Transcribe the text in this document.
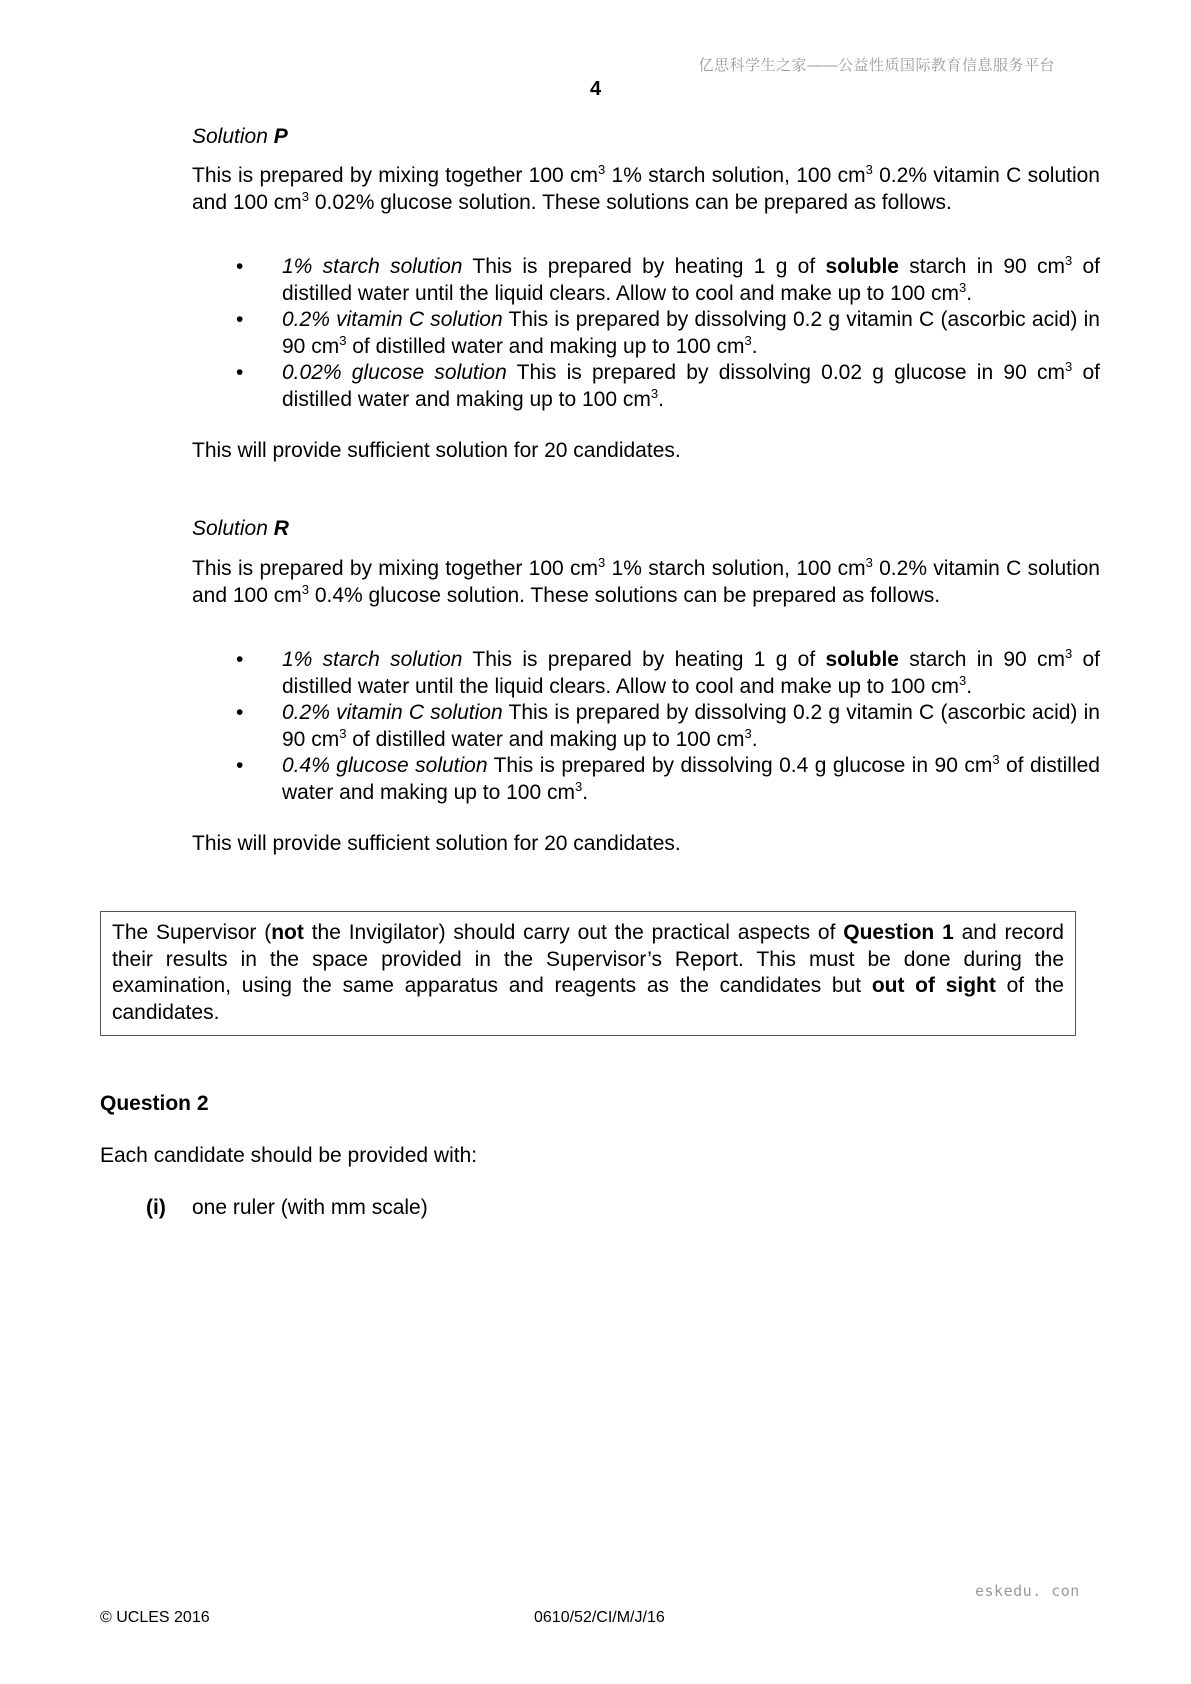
亿思科学生之家——公益性质国际教育信息服务平台
4
Solution P
This is prepared by mixing together 100 $cm^3$ 1% starch solution, 100 $cm^3$ 0.2% vitamin C solution and 100 $cm^3$ 0.02% glucose solution. These solutions can be prepared as follows.
• 1% starch solution This is prepared by heating 1 g of soluble starch in 90 $cm^3$ of distilled water until the liquid clears. Allow to cool and make up to 100 $cm^3$.
• 0.2% vitamin C solution This is prepared by dissolving 0.2 g vitamin C (ascorbic acid) in 90 $cm^3$ of distilled water and making up to 100 $cm^3$.
• 0.02% glucose solution This is prepared by dissolving 0.02 g glucose in 90 $cm^3$ of distilled water and making up to 100 $cm^3$.
This will provide sufficient solution for 20 candidates.
Solution R
This is prepared by mixing together 100 $cm^3$ 1% starch solution, 100 $cm^3$ 0.2% vitamin C solution and 100 $cm^3$ 0.4% glucose solution. These solutions can be prepared as follows.
• 1% starch solution This is prepared by heating 1 g of soluble starch in 90 $cm^3$ of distilled water until the liquid clears. Allow to cool and make up to 100 $cm^3$.
• 0.2% vitamin C solution This is prepared by dissolving 0.2 g vitamin C (ascorbic acid) in 90 $cm^3$ of distilled water and making up to 100 $cm^3$.
• 0.4% glucose solution This is prepared by dissolving 0.4 g glucose in 90 $cm^3$ of distilled water and making up to 100 $cm^3$.
This will provide sufficient solution for 20 candidates.
The Supervisor (not the Invigilator) should carry out the practical aspects of Question 1 and record their results in the space provided in the Supervisor’s Report. This must be done during the examination, using the same apparatus and reagents as the candidates but out of sight of the candidates.
Question 2
Each candidate should be provided with:
(i) one ruler (with mm scale)
eskedu. con
© UCLES 2016	0610/52/CI/M/J/16
